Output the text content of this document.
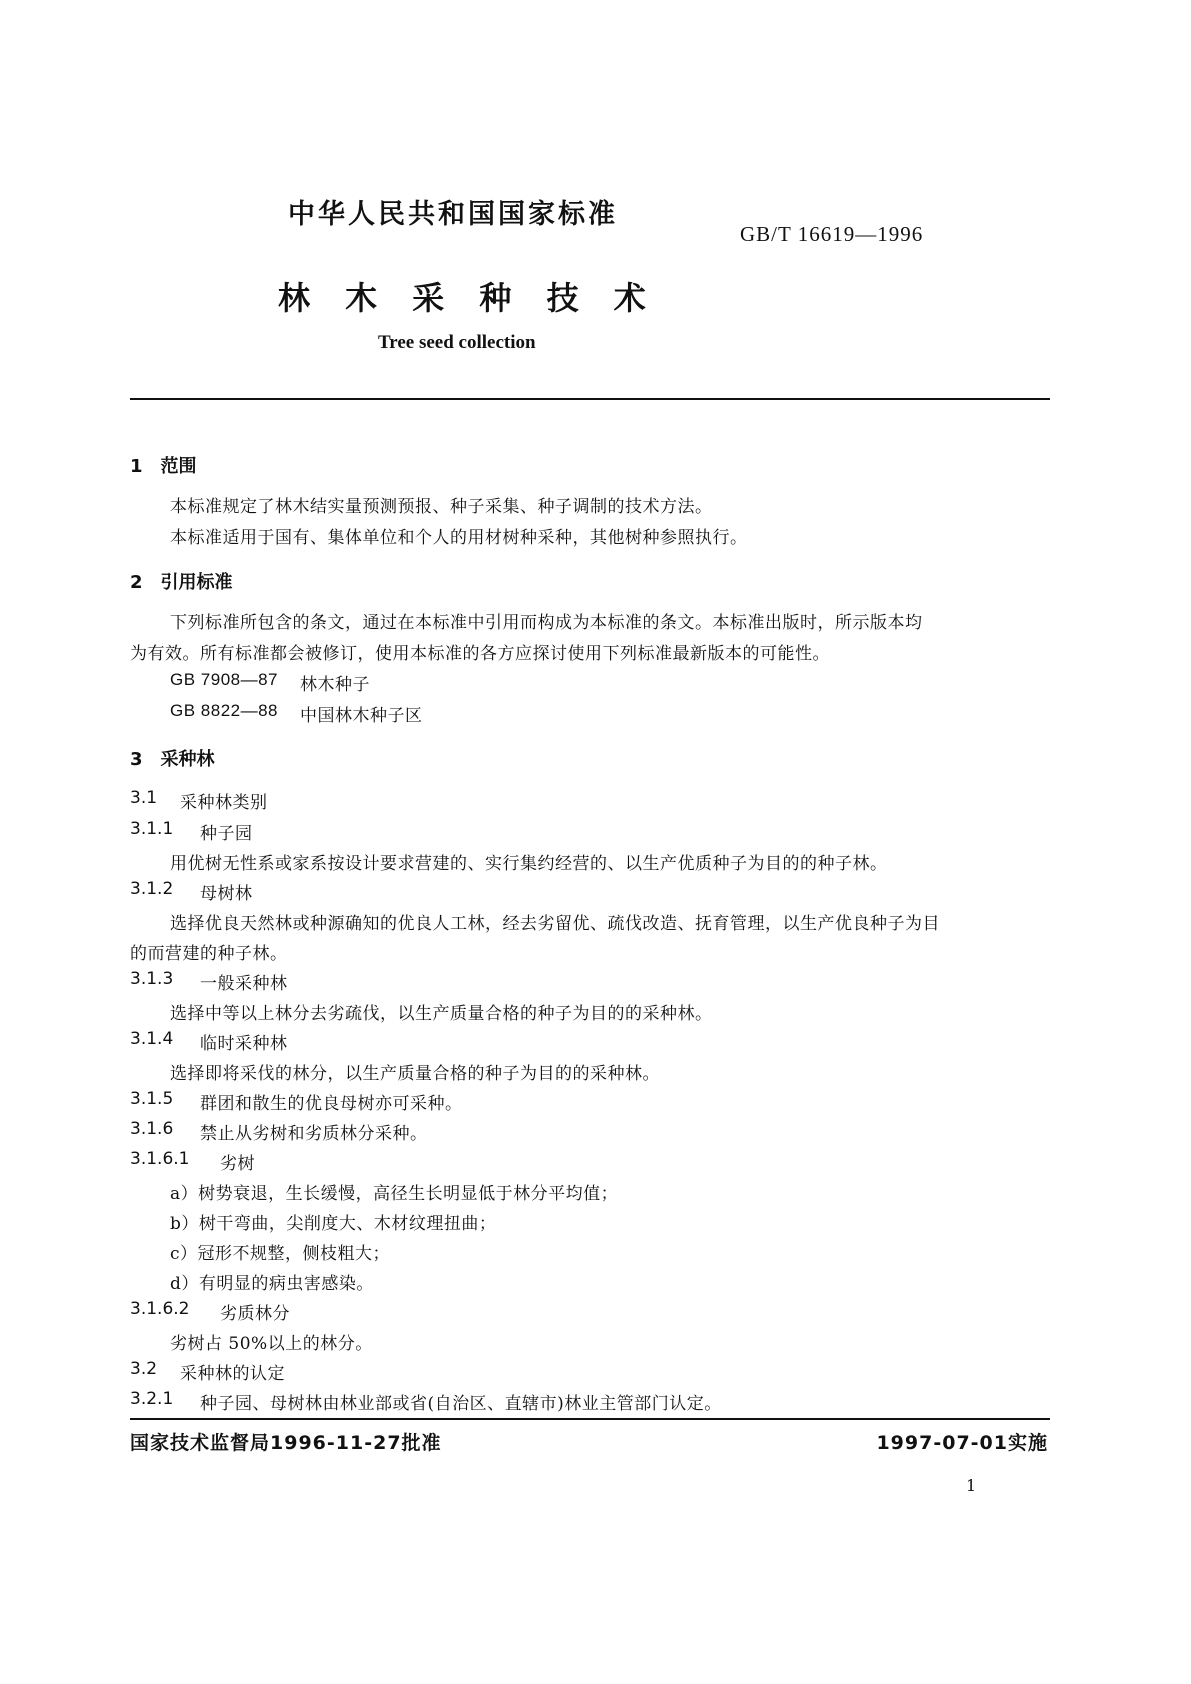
中华人民共和国国家标准
GB/T 16619—1996
林 木 采 种 技 术
Tree seed collection
1　范围
本标准规定了林木结实量预测预报、种子采集、种子调制的技术方法。
本标准适用于国有、集体单位和个人的用材树种采种，其他树种参照执行。
2　引用标准
下列标准所包含的条文，通过在本标准中引用而构成为本标准的条文。本标准出版时，所示版本均
为有效。所有标准都会被修订，使用本标准的各方应探讨使用下列标准最新版本的可能性。
GB 7908—87 林木种子
GB 8822—88 中国林木种子区
3　采种林
3.1 采种林类别
3.1.1 种子园
用优树无性系或家系按设计要求营建的、实行集约经营的、以生产优质种子为目的的种子林。
3.1.2 母树林
选择优良天然林或种源确知的优良人工林，经去劣留优、疏伐改造、抚育管理，以生产优良种子为目
的而营建的种子林。
3.1.3 一般采种林
选择中等以上林分去劣疏伐，以生产质量合格的种子为目的的采种林。
3.1.4 临时采种林
选择即将采伐的林分，以生产质量合格的种子为目的的采种林。
3.1.5 群团和散生的优良母树亦可采种。
3.1.6 禁止从劣树和劣质林分采种。
3.1.6.1 劣树
a）树势衰退，生长缓慢，高径生长明显低于林分平均值；
b）树干弯曲，尖削度大、木材纹理扭曲；
c）冠形不规整，侧枝粗大；
d）有明显的病虫害感染。
3.1.6.2 劣质林分
劣树占 50%以上的林分。
3.2 采种林的认定
3.2.1 种子园、母树林由林业部或省(自治区、直辖市)林业主管部门认定。
国家技术监督局1996-11-27批准	1997-07-01实施
1
